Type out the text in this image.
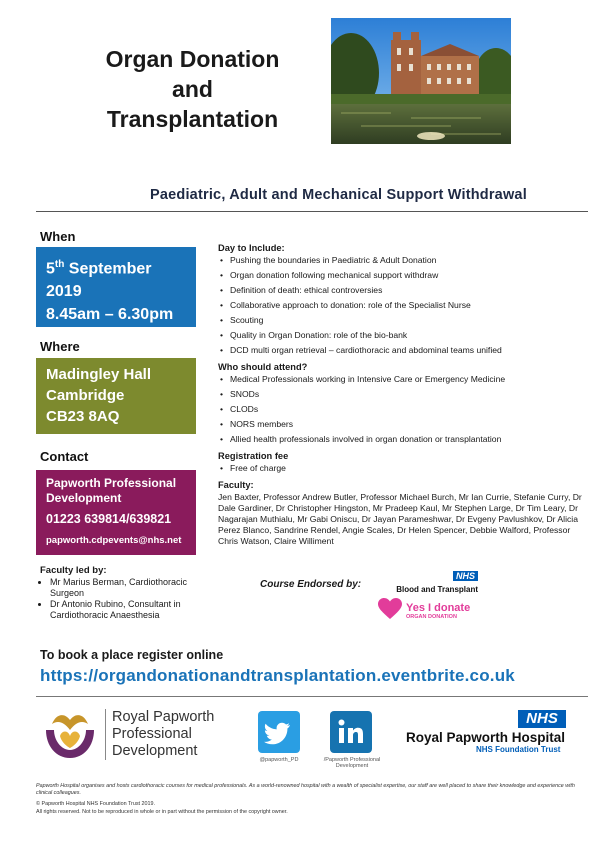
Organ Donation
and
Transplantation
Paediatric, Adult and Mechanical Support Withdrawal
When
5th September
2019
8.45am – 6.30pm
Where
Madingley Hall
Cambridge
CB23 8AQ
Contact
Papworth Professional
Development
01223 639814/639821
papworth.cdpevents@nhs.net
Faculty led by:
• Mr Marius Berman, Cardiothoracic Surgeon
• Dr Antonio Rubino, Consultant in Cardiothoracic Anaesthesia

Day to Include:

• Pushing the boundaries in Paediatric & Adult Donation
• Organ donation following mechanical support withdraw
• Definition of death: ethical controversies
• Collaborative approach to donation: role of the Specialist Nurse
• Scouting
• Quality in Organ Donation: role of the bio-bank
• DCD multi organ retrieval – cardiothoracic and abdominal teams unified

Who should attend?

• Medical Professionals working in Intensive Care or Emergency Medicine
• SNODs
• CLODs
• NORS members
• Allied health professionals involved in organ donation or transplantation

Registration fee

• Free of charge

Faculty:

Jen Baxter, Professor Andrew Butler, Professor Michael Burch, Mr Ian Currie, Stefanie Curry, Dr Dale Gardiner, Dr Christopher Hingston, Mr Pradeep Kaul, Mr Stephen Large, Dr Tim Leary, Dr Nagarajan Muthialu, Mr Gabi Oniscu, Dr Jayan Parameshwar, Dr Evgeny Pavlushkov, Dr Alicia Perez Blanco, Sandrine Rendel, Angie Scales, Dr Helen Spencer, Debbie Walford, Professor Chris Watson, Claire Williment
Course Endorsed by:
NHS
Blood and Transplant
Yes I donate
ORGAN DONATION
To book a place register online
https://organdonationandtransplantation.eventbrite.co.uk
Royal Papworth
Professional
Development
@papworth_PD	/Papworth Professional
Development
NHS
Royal Papworth Hospital
NHS Foundation Trust
Papworth Hospital organises and hosts cardiothoracic courses for medical professionals. As a world-renowned hospital with a wealth of specialist expertise, our staff are well placed to share their knowledge and experience with clinical colleagues.
© Papworth Hospital NHS Foundation Trust 2019.
All rights reserved. Not to be reproduced in whole or in part without the permission of the copyright owner.
